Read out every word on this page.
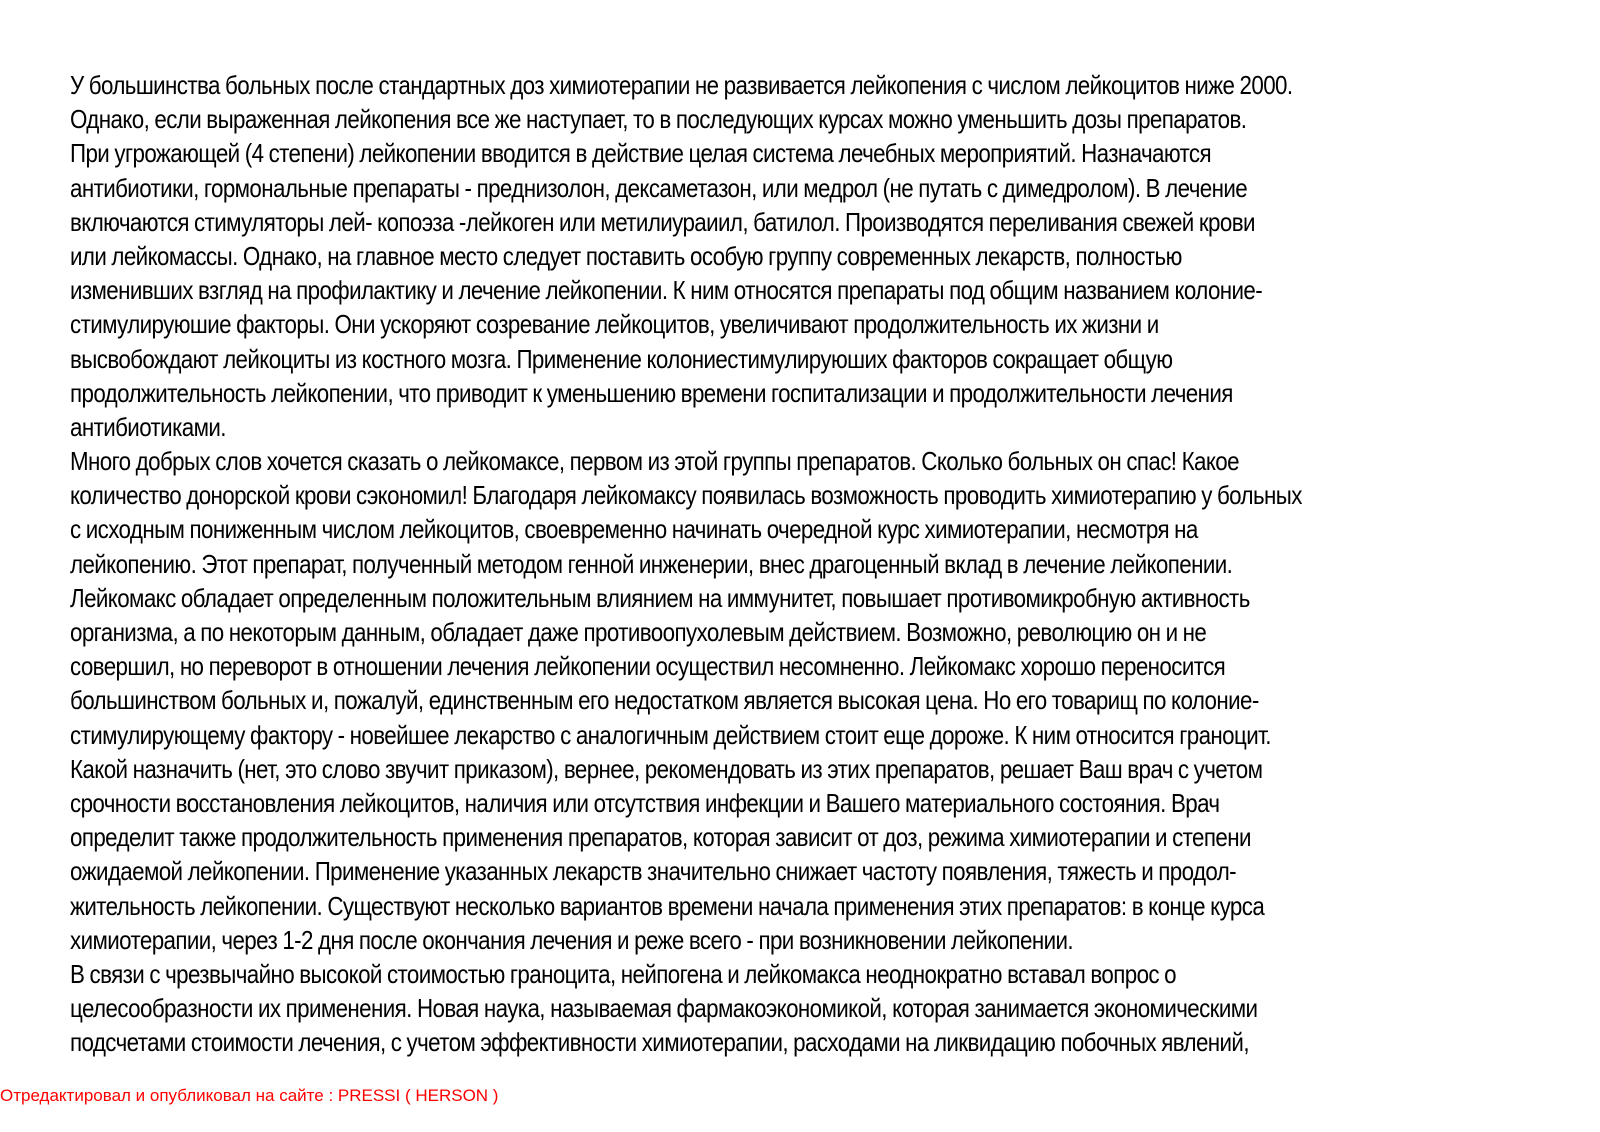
У большинства больных после стандартных доз химиотерапии не развивается лейкопения с числом лейкоцитов ниже 2000.
Однако, если выраженная лейкопения все же наступает, то в последующих курсах можно уменьшить дозы препаратов.
При угрожающей (4 степени) лейкопении вводится в действие целая система лечебных мероприятий. Назначаются
антибиотики, гормональные препараты - преднизолон, дексаметазон, или медрол (не путать с димедролом). В лечение
включаются стимуляторы лей- копоэза -лейкоген или метилиураиил, батилол. Производятся переливания свежей крови
или лейкомассы. Однако, на главное место следует поставить особую группу современных лекарств, полностью
изменивших взгляд на профилактику и лечение лейкопении. К ним относятся препараты под общим названием колоние-
стимулируюшие факторы. Они ускоряют созревание лейкоцитов, увеличивают продолжительность их жизни и
высвобождают лейкоциты из костного мозга. Применение колониестимулируюших факторов сокращает общую
продолжительность лейкопении, что приводит к уменьшению времени госпитализации и продолжительности лечения
антибиотиками.
Много добрых слов хочется сказать о лейкомаксе, первом из этой группы препаратов. Сколько больных он спас! Какое
количество донорской крови сэкономил! Благодаря лейкомаксу появилась возможность проводить химиотерапию у больных
с исходным пониженным числом лейкоцитов, своевременно начинать очередной курс химиотерапии, несмотря на
лейкопению. Этот препарат, полученный методом генной инженерии, внес драгоценный вклад в лечение лейкопении.
Лейкомакс обладает определенным положительным влиянием на иммунитет, повышает противомикробную активность
организма, а по некоторым данным, обладает даже противоопухолевым действием. Возможно, революцию он и не
совершил, но переворот в отношении лечения лейкопении осуществил несомненно. Лейкомакс хорошо переносится
большинством больных и, пожалуй, единственным его недостатком является высокая цена. Но его товарищ по колоние-
стимулирующему фактору - новейшее лекарство с аналогичным действием стоит еще дороже. К ним относится граноцит.
Какой назначить (нет, это слово звучит приказом), вернее, рекомендовать из этих препаратов, решает Ваш врач с учетом
срочности восстановления лейкоцитов, наличия или отсутствия инфекции и Вашего материального состояния. Врач
определит также продолжительность применения препаратов, которая зависит от доз, режима химиотерапии и степени
ожидаемой лейкопении. Применение указанных лекарств значительно снижает частоту появления, тяжесть и продол-
жительность лейкопении. Существуют несколько вариантов времени начала применения этих препаратов: в конце курса
химиотерапии, через 1-2 дня после окончания лечения и реже всего - при возникновении лейкопении.
В связи с чрезвычайно высокой стоимостью граноцита, нейпогена и лейкомакса неоднократно вставал вопрос о
целесообразности их применения. Новая наука, называемая фармакоэкономикой, которая занимается экономическими
подсчетами стоимости лечения, с учетом эффективности химиотерапии, расходами на ликвидацию побочных явлений,
Отредактировал и опубликовал на сайте : PRESSI ( HERSON )
